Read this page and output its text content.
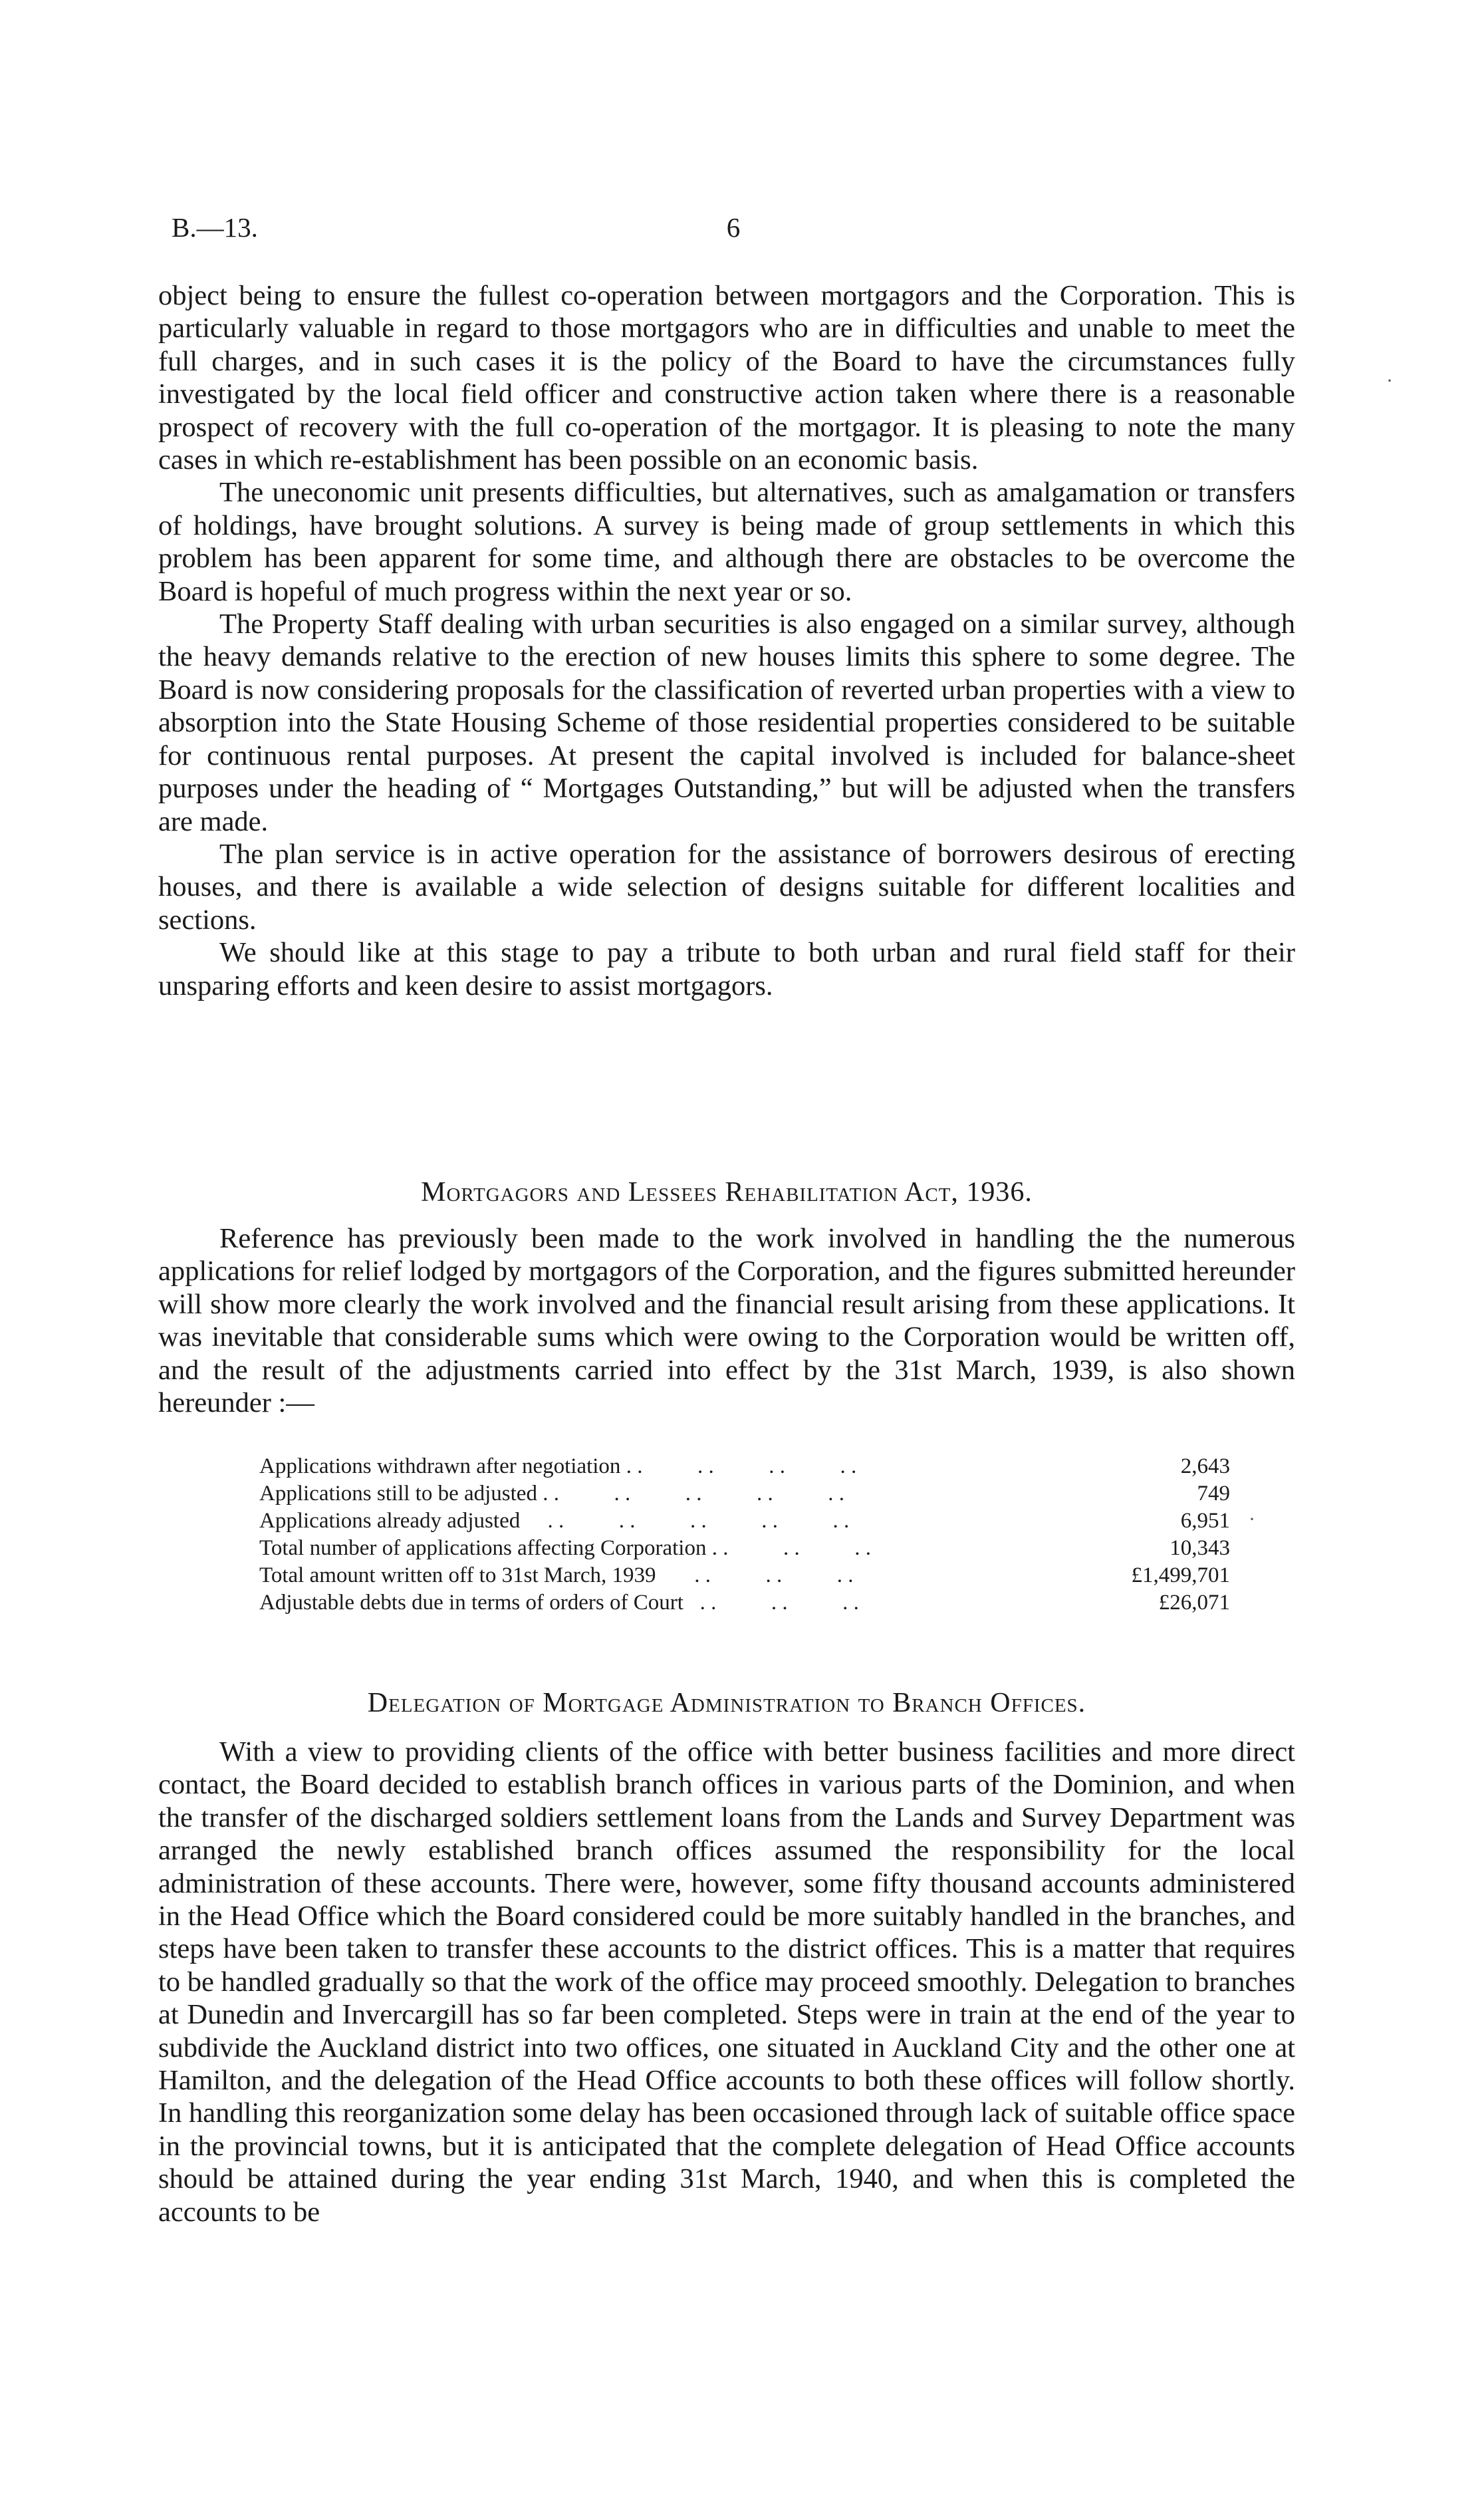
B.—13.	6

object being to ensure the fullest co-operation between mortgagors and the Corporation. This is particularly valuable in regard to those mortgagors who are in difficulties and unable to meet the full charges, and in such cases it is the policy of the Board to have the circumstances fully investigated by the local field officer and constructive action taken where there is a reasonable prospect of recovery with the full co-operation of the mortgagor. It is pleasing to note the many cases in which re-establishment has been possible on an economic basis.

The uneconomic unit presents difficulties, but alternatives, such as amalgamation or transfers of holdings, have brought solutions. A survey is being made of group settlements in which this problem has been apparent for some time, and although there are obstacles to be overcome the Board is hopeful of much progress within the next year or so.

The Property Staff dealing with urban securities is also engaged on a similar survey, although the heavy demands relative to the erection of new houses limits this sphere to some degree. The Board is now considering proposals for the classification of reverted urban properties with a view to absorption into the State Housing Scheme of those residential properties considered to be suitable for continuous rental purposes. At present the capital involved is included for balance-sheet purposes under the heading of “ Mortgages Outstanding,” but will be adjusted when the transfers are made.

The plan service is in active operation for the assistance of borrowers desirous of erecting houses, and there is available a wide selection of designs suitable for different localities and sections.

We should like at this stage to pay a tribute to both urban and rural field staff for their unsparing efforts and keen desire to assist mortgagors.

Mortgagors and Lessees Rehabilitation Act, 1936.

Reference has previously been made to the work involved in handling the the numerous applications for relief lodged by mortgagors of the Corporation, and the figures submitted hereunder will show more clearly the work involved and the financial result arising from these applications. It was inevitable that considerable sums which were owing to the Corporation would be written off, and the result of the adjustments carried into effect by the 31st March, 1939, is also shown hereunder :—

Applications withdrawn after negotiation . .          . .          . .          . .	2,643
Applications still to be adjusted . .          . .          . .          . .          . .	749
Applications already adjusted     . .          . .          . .          . .          . .	6,951
Total number of applications affecting Corporation . .          . .          . .	10,343
Total amount written off to 31st March, 1939       . .          . .          . .	£1,499,701
Adjustable debts due in terms of orders of Court   . .          . .          . .	£26,071
Delegation of Mortgage Administration to Branch Offices.

With a view to providing clients of the office with better business facilities and more direct contact, the Board decided to establish branch offices in various parts of the Dominion, and when the transfer of the discharged soldiers settlement loans from the Lands and Survey Department was arranged the newly established branch offices assumed the responsibility for the local administration of these accounts. There were, however, some fifty thousand accounts administered in the Head Office which the Board considered could be more suitably handled in the branches, and steps have been taken to transfer these accounts to the district offices. This is a matter that requires to be handled gradually so that the work of the office may proceed smoothly. Delegation to branches at Dunedin and Invercargill has so far been completed. Steps were in train at the end of the year to subdivide the Auckland district into two offices, one situated in Auckland City and the other one at Hamilton, and the delegation of the Head Office accounts to both these offices will follow shortly. In handling this reorganization some delay has been occasioned through lack of suitable office space in the provincial towns, but it is anticipated that the complete delegation of Head Office accounts should be attained during the year ending 31st March, 1940, and when this is completed the accounts to be

·
·
